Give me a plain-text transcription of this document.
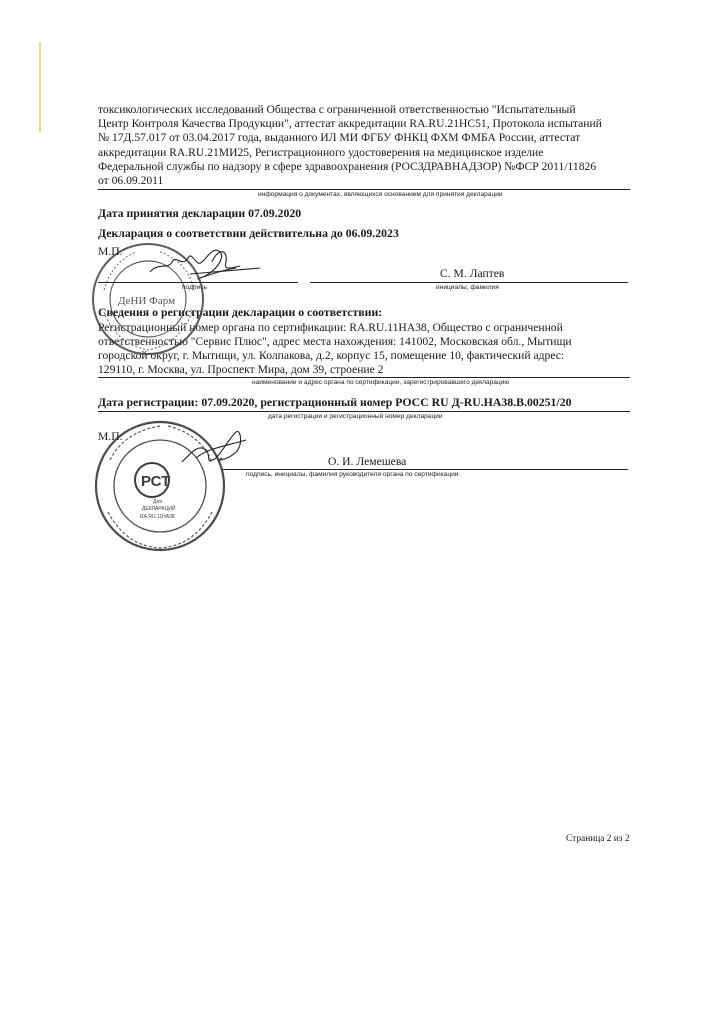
токсикологических исследований Общества с ограниченной ответственностью "Испытательный
Центр Контроля Качества Продукции", аттестат аккредитации RA.RU.21НС51, Протокола испытаний
№ 17Д.57.017 от 03.04.2017 года, выданного ИЛ МИ ФГБУ ФНКЦ ФХМ ФМБА России, аттестат
аккредитации RA.RU.21МИ25, Регистрационного удостоверения на медицинское изделие
Федеральной службы по надзору в сфере здравоохранения (РОСЗДРАВНАДЗОР) №ФСР 2011/11826
от 06.09.2011

информация о документах, являющихся основанием для принятия декларации
Дата принятия декларации 07.09.2020
Декларация о соответствии действительна до 06.09.2023
М.П.
подпись
С. М. Лаптев
инициалы, фамилия
Сведения о регистрации декларации о соответствии:
Регистрационный номер органа по сертификации: RA.RU.11НА38, Общество с ограниченной
ответственностью "Сервис Плюс", адрес места нахождения: 141002, Московская обл., Мытищи
городской округ, г. Мытищи, ул. Колпакова, д.2, корпус 15, помещение 10, фактический адрес:
129110, г. Москва, ул. Проспект Мира, дом 39, строение 2
наименование и адрес органа по сертификации, зарегистрировавшего декларацию
Дата регистрации: 07.09.2020, регистрационный номер РОСС RU Д-RU.НА38.В.00251/20
дата регистрации и регистрационный номер декларации
М.П.
О. И. Лемешева
подпись, инициалы, фамилия руководителя органа по сертификации
ДеНИ Фарм
РСТ
Для
ДЕКЛАРАЦИЙ
RA.RU.11HA38
Страница 2 из 2
